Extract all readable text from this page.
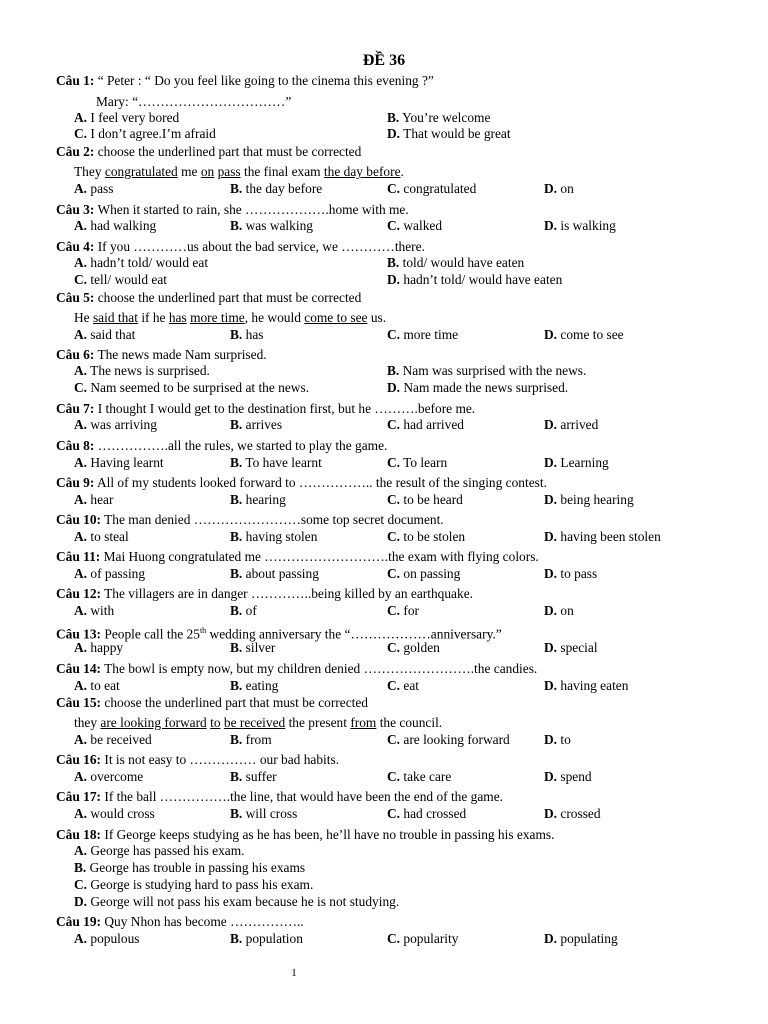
ĐỀ 36
Câu 1: “ Peter : “ Do you feel like going to the cinema this evening ?”
Mary: “……………………………”
A. I feel very bored	B. You’re welcome
C. I don’t agree.I’m afraid	D. That would be great
Câu 2: choose the underlined part that must be corrected
They congratulated me on pass the final exam the day before.
A. pass	B. the day before	C. congratulated	D. on
Câu 3: When it started to rain, she ……………….home with me.
A. had walking	B. was walking	C. walked	D. is walking
Câu 4: If you …………us about the bad service, we …………there.
A. hadn’t told/ would eat	B. told/ would have eaten
C. tell/ would eat	D. hadn’t told/ would have eaten
Câu 5: choose the underlined part that must be corrected
He said that if he has more time, he would come to see us.
A. said that	B. has	C. more time	D. come to see
Câu 6: The news made Nam surprised.
A. The news is surprised.	B. Nam was surprised with the news.
C. Nam seemed to be surprised at the news.	D. Nam made the news surprised.
Câu 7: I thought I would get to the destination first, but he ……….before me.
A. was arriving	B. arrives	C. had arrived	D. arrived
Câu 8: …………….all the rules, we started to play the game.
A. Having learnt	B. To have learnt	C. To learn	D. Learning
Câu 9: All of my students looked forward to …………….. the result of the singing contest.
A. hear	B. hearing	C. to be heard	D. being hearing
Câu 10: The man denied ……………………some top secret document.
A. to steal	B. having stolen	C. to be stolen	D. having been stolen
Câu 11: Mai Huong congratulated me ……………………….the exam with flying colors.
A. of passing	B. about passing	C. on passing	D. to pass
Câu 12: The villagers are in danger …………..being killed by an earthquake.
A. with	B. of	C. for	D. on
Câu 13: People call the 25th wedding anniversary the “………………anniversary.”
A. happy	B. silver	C. golden	D. special
Câu 14: The bowl is empty now, but my children denied …………………….the candies.
A. to eat	B. eating	C. eat	D. having eaten
Câu 15: choose the underlined part that must be corrected
they are looking forward to be received the present from the council.
A. be received	B. from	C. are looking forward	D. to
Câu 16: It is not easy to …………… our bad habits.
A. overcome	B. suffer	C. take care	D. spend
Câu 17: If the ball …………….the line, that would have been the end of the game.
A. would cross	B. will cross	C. had crossed	D. crossed
Câu 18: If George keeps studying as he has been, he’ll have no trouble in passing his exams.
A. George has passed his exam.
B. George has trouble in passing his exams
C. George is studying hard to pass his exam.
D. George will not pass his exam because he is not studying.
Câu 19: Quy Nhon has become ……………..
A. populous	B. population	C. popularity	D. populating
1
